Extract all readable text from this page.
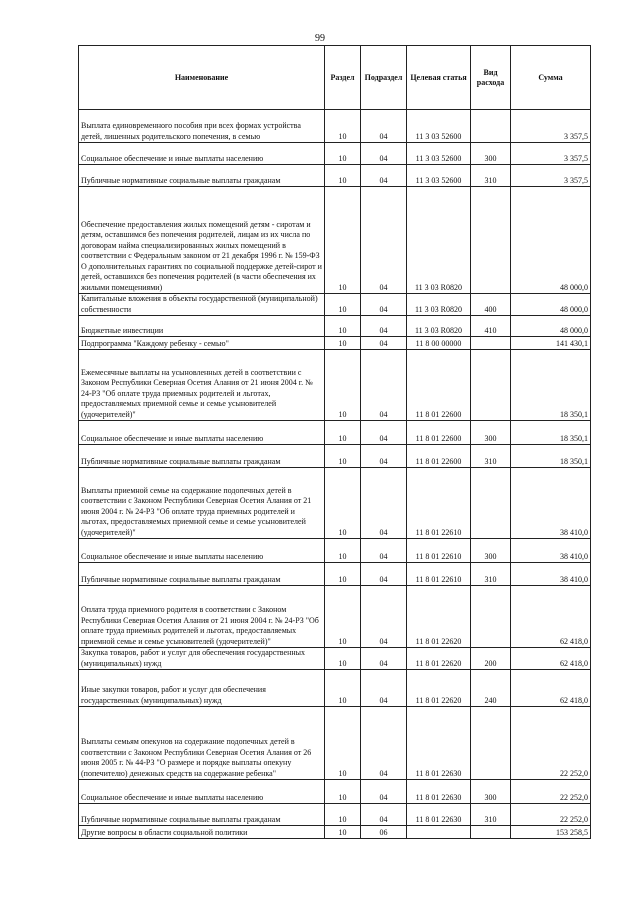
99
Наименование	Раздел	Подраздел	Целевая статья	Вид расхода	Сумма
Выплата единовременного пособия при всех формах устройства детей, лишенных родительского попечения, в семью	10	04	11 3 03 52600		3 357,5
Социальное обеспечение и иные выплаты населению	10	04	11 3 03 52600	300	3 357,5
Публичные нормативные социальные выплаты гражданам	10	04	11 3 03 52600	310	3 357,5
Обеспечение предоставления жилых помещений детям - сиротам и детям, оставшимся без попечения родителей, лицам из их числа по договорам найма специализированных жилых помещений в соответствии с Федеральным законом от 21 декабря 1996 г. № 159-ФЗ О дополнительных гарантиях по социальной поддержке детей-сирот и детей, оставшихся без попечения родителей (в части обеспечения их жилыми помещениями)	10	04	11 3 03 R0820		48 000,0
Капитальные вложения в объекты государственной (муниципальной) собственности	10	04	11 3 03 R0820	400	48 000,0
Бюджетные инвестиции	10	04	11 3 03 R0820	410	48 000,0
Подпрограмма "Каждому ребенку - семью"	10	04	11 8 00 00000		141 430,1
Ежемесячные выплаты на усыновленных детей в соответствии с Законом Республики Северная Осетия Алания от 21 июня 2004 г. № 24-РЗ "Об оплате труда приемных родителей и льготах, предоставляемых приемной семье и семье усыновителей (удочерителей)"	10	04	11 8 01 22600		18 350,1
Социальное обеспечение и иные выплаты населению	10	04	11 8 01 22600	300	18 350,1
Публичные нормативные социальные выплаты гражданам	10	04	11 8 01 22600	310	18 350,1
Выплаты приемной семье на содержание подопечных детей в соответствии с Законом Республики Северная Осетия Алания от 21 июня 2004 г. № 24-РЗ "Об оплате труда приемных родителей и льготах, предоставляемых приемной семье и семье усыновителей (удочерителей)"	10	04	11 8 01 22610		38 410,0
Социальное обеспечение и иные выплаты населению	10	04	11 8 01 22610	300	38 410,0
Публичные нормативные социальные выплаты гражданам	10	04	11 8 01 22610	310	38 410,0
Оплата труда приемного родителя в соответствии с Законом Республики Северная Осетия Алания от 21 июня 2004 г. № 24-РЗ "Об оплате труда приемных родителей и льготах, предоставляемых приемной семье и семье усыновителей (удочерителей)"	10	04	11 8 01 22620		62 418,0
Закупка товаров, работ и услуг для обеспечения государственных (муниципальных) нужд	10	04	11 8 01 22620	200	62 418,0
Иные закупки товаров, работ и услуг для обеспечения государственных (муниципальных) нужд	10	04	11 8 01 22620	240	62 418,0
Выплаты семьям опекунов на содержание подопечных детей в соответствии с Законом Республики Северная Осетия Алания от 26 июня 2005 г. № 44-РЗ "О размере и порядке выплаты опекуну (попечителю) денежных средств на содержание ребенка"	10	04	11 8 01 22630		22 252,0
Социальное обеспечение и иные выплаты населению	10	04	11 8 01 22630	300	22 252,0
Публичные нормативные социальные выплаты гражданам	10	04	11 8 01 22630	310	22 252,0
Другие вопросы в области социальной политики	10	06			153 258,5
